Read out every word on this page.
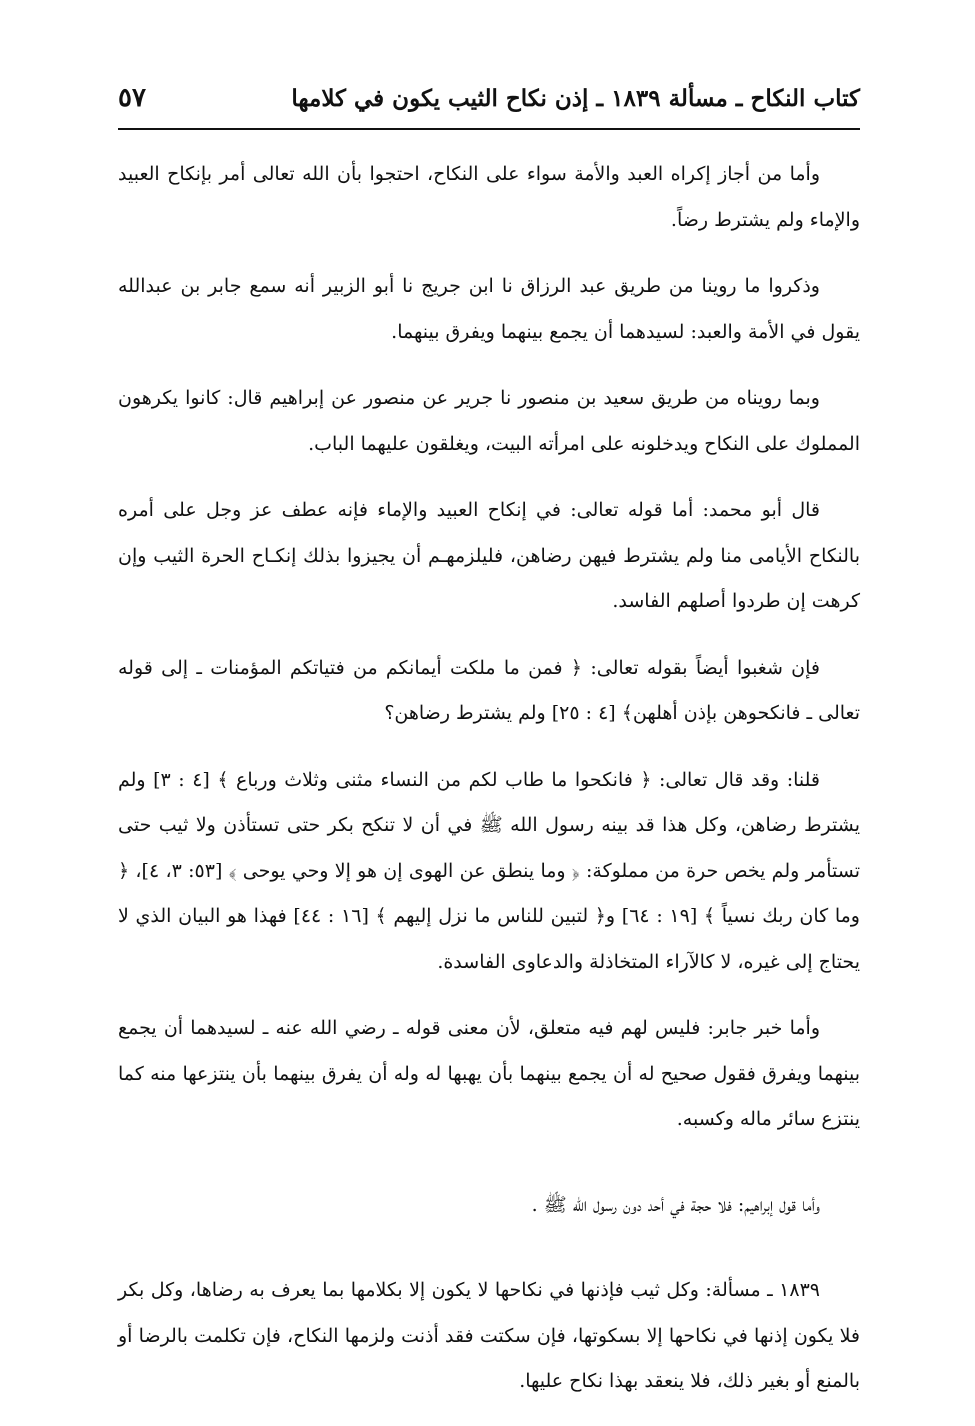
كتاب النكاح ـ مسألة ١٨٣٩ ـ إذن نكاح الثيب يكون في كلامها
٥٧

وأما من أجاز إكراه العبد والأمة سواء على النكاح، احتجوا بأن الله تعالى أمر بإنكاح العبيد والإماء ولم يشترط رضاً.

وذكروا ما روينا من طريق عبد الرزاق نا ابن جريج نا أبو الزبير أنه سمع جابر بن عبدالله يقول في الأمة والعبد: لسيدهما أن يجمع بينهما ويفرق بينهما.

وبما رويناه من طريق سعيد بن منصور نا جرير عن منصور عن إبراهيم قال: كانوا يكرهون المملوك على النكاح ويدخلونه على امرأته البيت، ويغلقون عليهما الباب.

قال أبو محمد: أما قوله تعالى: في إنكاح العبيد والإماء فإنه عطف عز وجل على أمره بالنكاح الأيامى منا ولم يشترط فيهن رضاهن، فليلزمهـم أن يجيزوا بذلك إنكـاح الحرة الثيب وإن كرهت إن طردوا أصلهم الفاسد.

فإن شغبوا أيضاً بقوله تعالى: ﴿ فمن ما ملكت أيمانكم من فتياتكم المؤمنات ـ إلى قوله تعالى ـ فانكحوهن بإذن أهلهن﴾ [٤ : ٢٥] ولم يشترط رضاهن؟

قلنا: وقد قال تعالى: ﴿ فانكحوا ما طاب لكم من النساء مثنى وثلاث ورباع ﴾ [٤ : ٣] ولم يشترط رضاهن، وكل هذا قد بينه رسول الله ﷺ في أن لا تنكح بكر حتى تستأذن ولا ثيب حتى تستأمر ولم يخص حرة من مملوكة: ﴿ وما ينطق عن الهوى إن هو إلا وحي يوحى ﴾ [٥٣: ٣، ٤]، ﴿ وما كان ربك نسياً ﴾ [١٩ : ٦٤] و﴿ لتبين للناس ما نزل إليهم ﴾ [١٦ : ٤٤] فهذا هو البيان الذي لا يحتاج إلى غيره، لا كالآراء المتخاذلة والدعاوى الفاسدة.

وأما خبر جابر: فليس لهم فيه متعلق، لأن معنى قوله ـ رضي الله عنه ـ لسيدهما أن يجمع بينهما ويفرق فقول صحيح له أن يجمع بينهما بأن يهبها له وله أن يفرق بينهما بأن ينتزعها منه كما ينتزع سائر ماله وكسبه.

وأما قول إبراهيم: فلا حجة في أحد دون رسول الله ﷺ .

١٨٣٩ ـ مسألة: وكل ثيب فإذنها في نكاحها لا يكون إلا بكلامها بما يعرف به رضاها، وكل بكر فلا يكون إذنها في نكاحها إلا بسكوتها، فإن سكتت فقد أذنت ولزمها النكاح، فإن تكلمت بالرضا أو بالمنع أو بغير ذلك، فلا ينعقد بهذا نكاح عليها.
